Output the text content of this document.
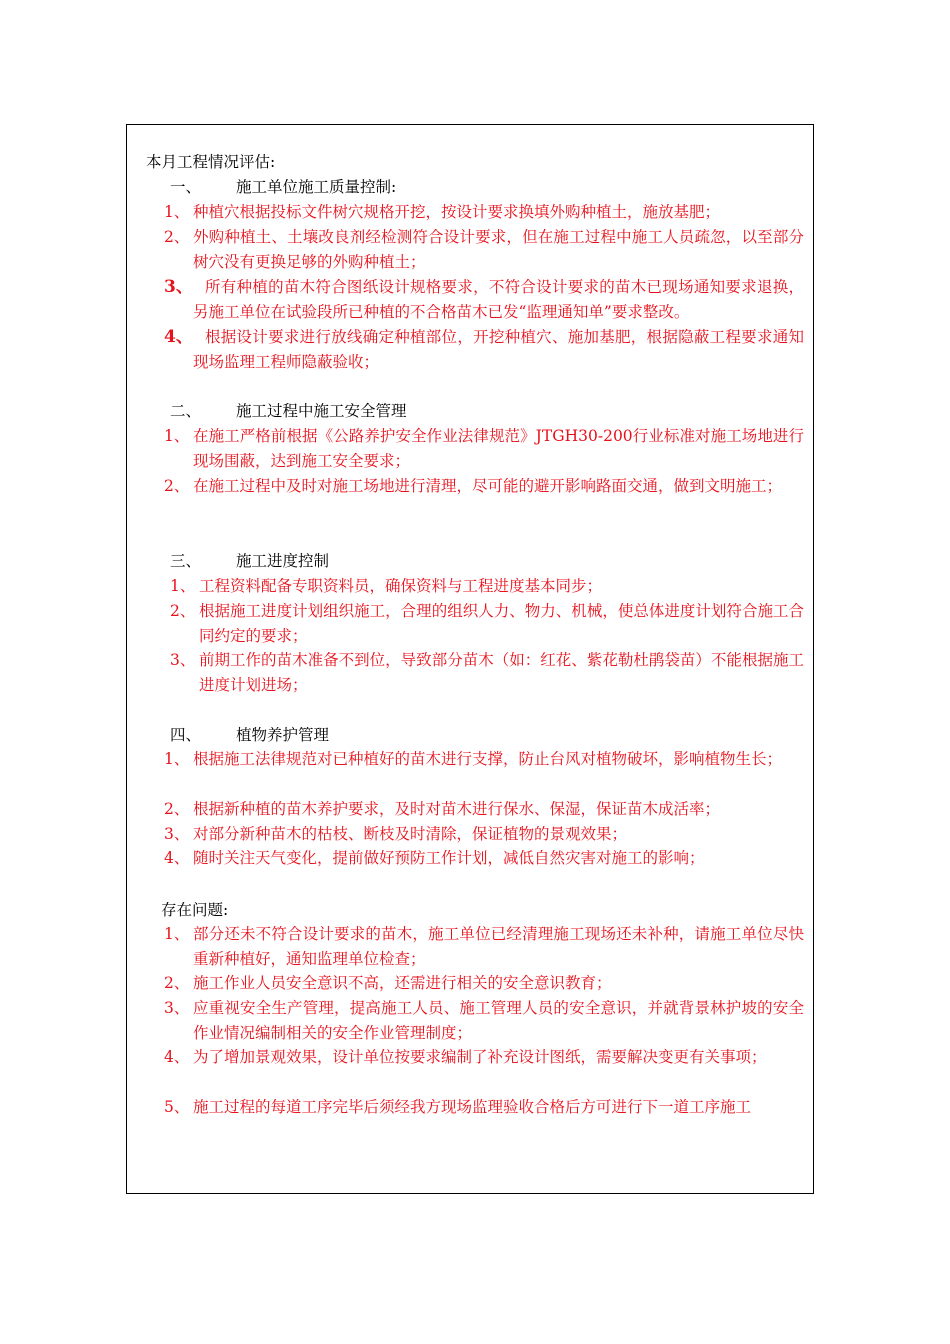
本月工程情况评估:
一、 施工单位施工质量控制:
1、 种植穴根据投标文件树穴规格开挖，按设计要求换填外购种植土，施放基肥；
2、 外购种植土、土壤改良剂经检测符合设计要求，但在施工过程中施工人员疏忽，以至部分树穴没有更换足够的外购种植土；
3、 所有种植的苗木符合图纸设计规格要求，不符合设计要求的苗木已现场通知要求退换，另施工单位在试验段所已种植的不合格苗木已发“监理通知单”要求整改。
4、 根据设计要求进行放线确定种植部位，开挖种植穴、施加基肥，根据隐蔽工程要求通知现场监理工程师隐蔽验收；
二、 施工过程中施工安全管理
1、 在施工严格前根据《公路养护安全作业法律规范》JTGH30-200行业标准对施工场地进行现场围蔽，达到施工安全要求；
2、 在施工过程中及时对施工场地进行清理，尽可能的避开影响路面交通，做到文明施工；
三、 施工进度控制
1、 工程资料配备专职资料员，确保资料与工程进度基本同步；
2、 根据施工进度计划组织施工，合理的组织人力、物力、机械，使总体进度计划符合施工合同约定的要求；
3、 前期工作的苗木准备不到位，导致部分苗木（如：红花、紫花勒杜鹃袋苗）不能根据施工进度计划进场；
四、 植物养护管理
1、 根据施工法律规范对已种植好的苗木进行支撑，防止台风对植物破坏，影响植物生长；
2、 根据新种植的苗木养护要求，及时对苗木进行保水、保湿，保证苗木成活率；
3、 对部分新种苗木的枯枝、断枝及时清除，保证植物的景观效果；
4、 随时关注天气变化，提前做好预防工作计划，减低自然灾害对施工的影响；
存在问题:
1、 部分还未不符合设计要求的苗木，施工单位已经清理施工现场还未补种，请施工单位尽快重新种植好，通知监理单位检查；
2、 施工作业人员安全意识不高，还需进行相关的安全意识教育；
3、 应重视安全生产管理，提高施工人员、施工管理人员的安全意识，并就背景林护坡的安全作业情况编制相关的安全作业管理制度；
4、 为了增加景观效果，设计单位按要求编制了补充设计图纸，需要解决变更有关事项；
5、 施工过程的每道工序完毕后须经我方现场监理验收合格后方可进行下一道工序施工
